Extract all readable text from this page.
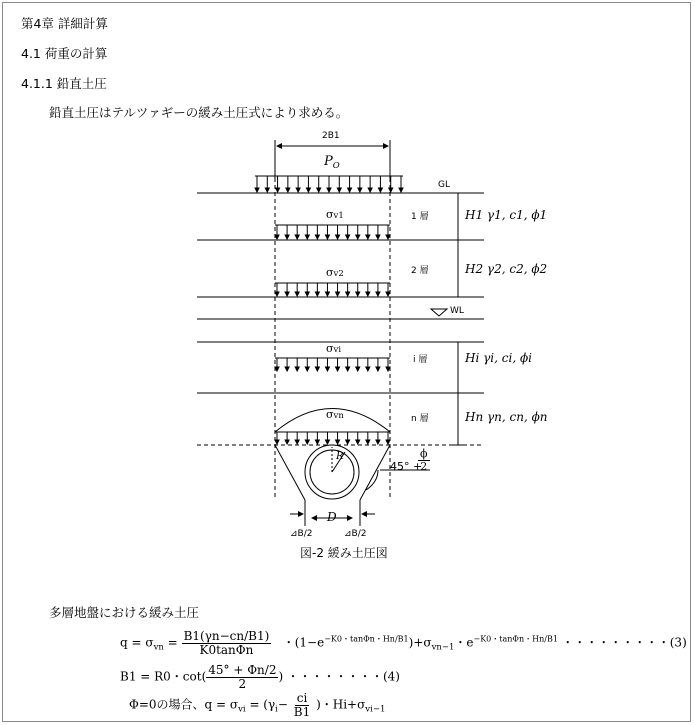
第4章 詳細計算
4.1 荷重の計算
4.1.1 鉛直土圧
鉛直土圧はテルツァギーの緩み土圧式により求める。
2B1
$P_O$
GL
σv1
σv2
σvi
σvn
1 層
2 層
i 層
n 層
H1 γ1, c1, ϕ1
H2 γ2, c2, ϕ2
Hi γi, ci, ϕi
Hn γn, cn, ϕn
WL
R
45° +
$\frac{\phi}{2}$
D
⊿B/2	⊿B/2
図-2 緩み土圧図
多層地盤における緩み土圧
$q = \sigma_{vn} = \frac{B1(\gamma n-cn/B1)}{K0\tan\Phi n}$ ・$(1-e^{-K0・tan\Phi n・Hn/B1})+\sigma_{vn-1}$・$e^{-K0・tan\Phi n・Hn/B1}$ ・・・・・・・・・(3)
B1 = R0・$\cot( \frac{45^\circ + \Phi n/2}{2}$ ) ・・・・・・・・(4)
Φ=0の場合、$q = \sigma_{vi} = (\gamma_i- \frac{ci}{B1}$ )・$Hi+\sigma_{vi-1}$
